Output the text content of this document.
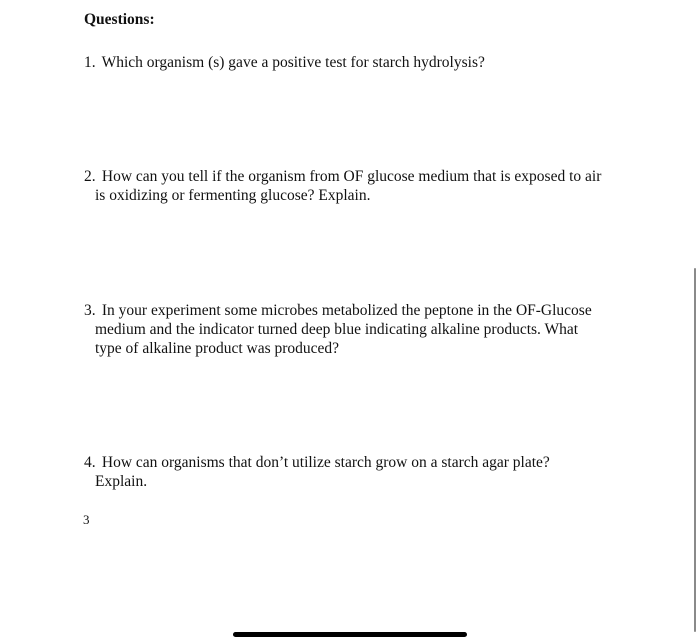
Questions:
1. Which organism (s) gave a positive test for starch hydrolysis?
2. How can you tell if the organism from OF glucose medium that is exposed to air
is oxidizing or fermenting glucose? Explain.
3. In your experiment some microbes metabolized the peptone in the OF-Glucose
medium and the indicator turned deep blue indicating alkaline products. What
type of alkaline product was produced?
4. How can organisms that don’t utilize starch grow on a starch agar plate?
Explain.
3
